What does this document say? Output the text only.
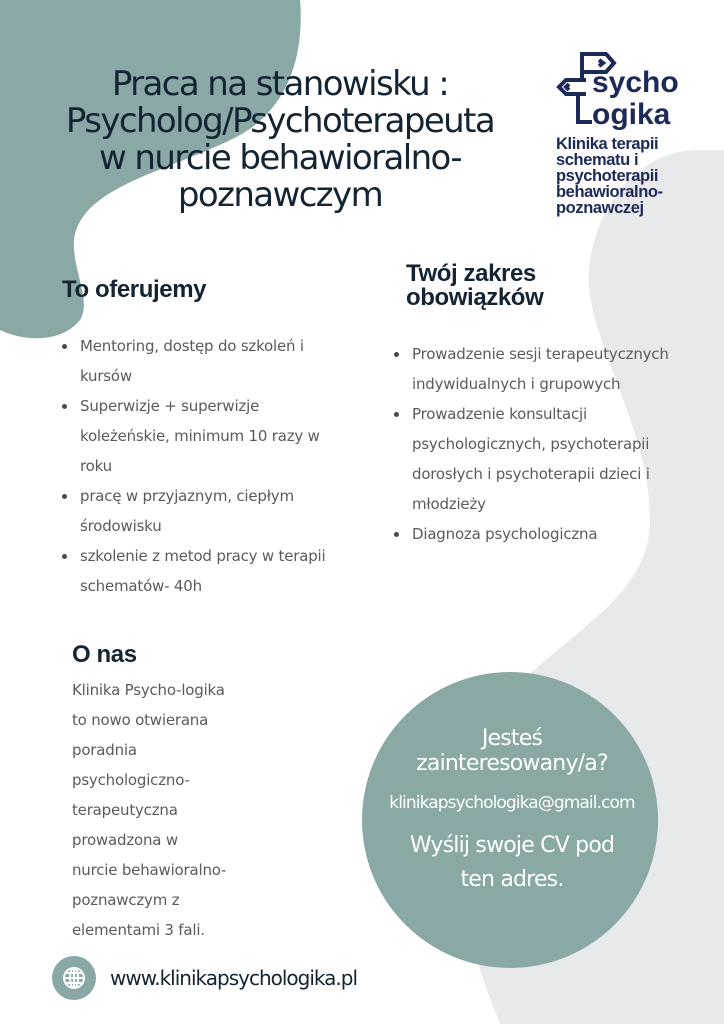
Praca na stanowisku :
Psycholog/Psychoterapeuta
w nurcie behawioralno-
poznawczym
sycho
ogika
Klinika terapii
schematu i
psychoterapii
behawioralno-
poznawczej
To oferujemy
Mentoring, dostęp do szkoleń i kursów
Superwizje + superwizje koleżeńskie, minimum 10 razy w roku
pracę w przyjaznym, ciepłym środowisku
szkolenie z metod pracy w terapii schematów- 40h
Twój zakres
obowiązków
Prowadzenie sesji terapeutycznych indywidualnych i grupowych
Prowadzenie konsultacji psychologicznych, psychoterapii dorosłych i psychoterapii dzieci i młodzieży
Diagnoza psychologiczna
O nas
Klinika Psycho-logika
to nowo otwierana
poradnia
psychologiczno-
terapeutyczna
prowadzona w
nurcie behawioralno-
poznawczym z
elementami 3 fali.
Jesteś
zainteresowany/a?
klinikapsychologika@gmail.com
Wyślij swoje CV pod
ten adres.
www.klinikapsychologika.pl
